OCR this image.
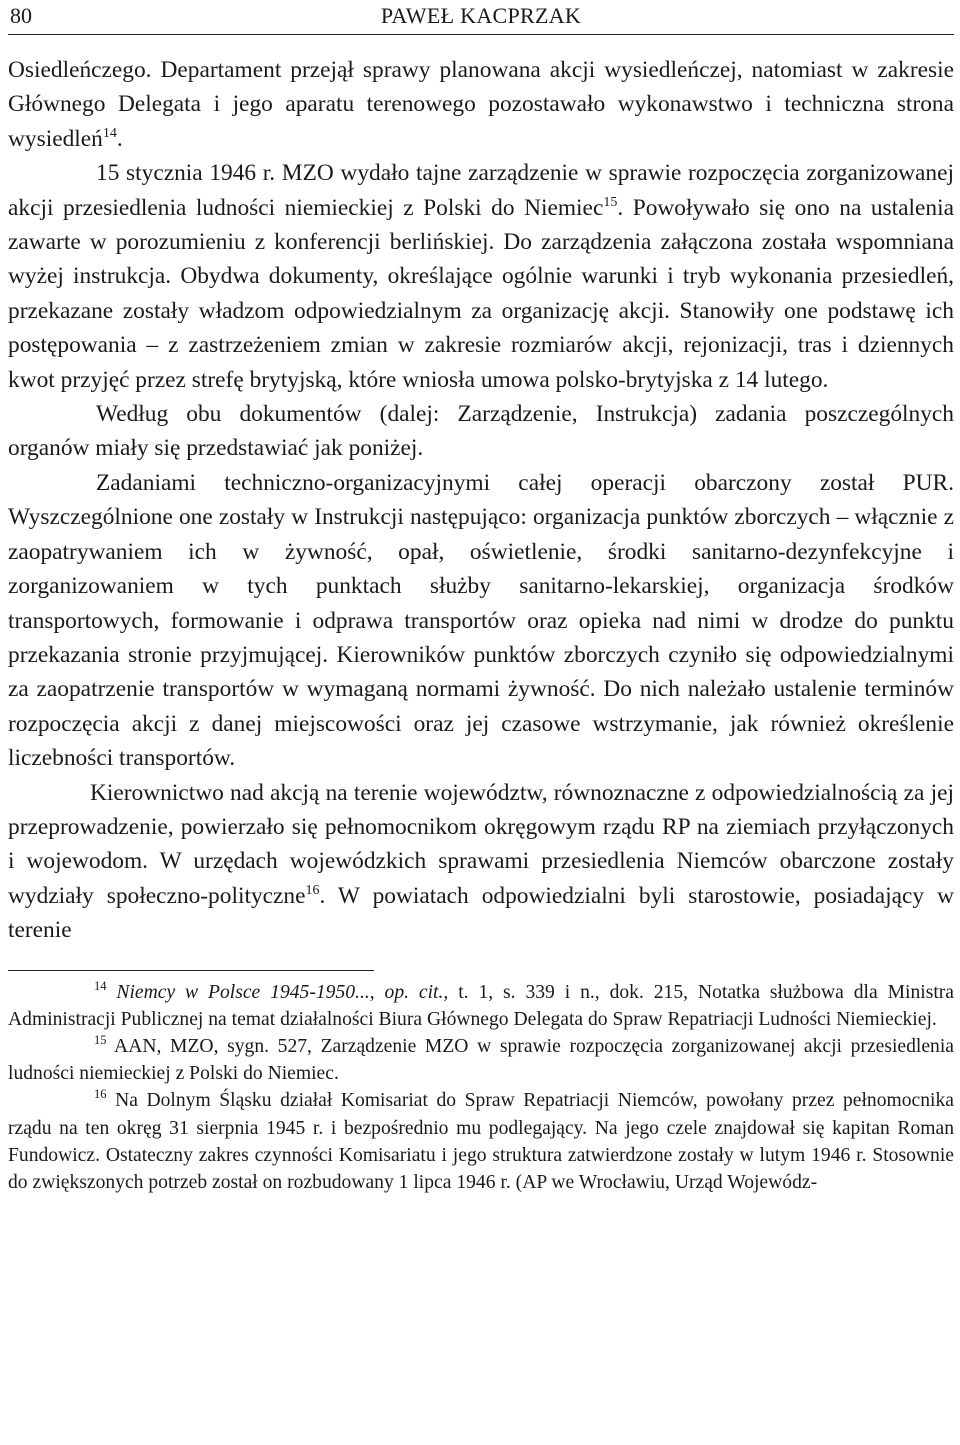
80	PAWEŁ KACPRZAK

Osiedleńczego. Departament przejął sprawy planowana akcji wysiedleńczej, natomiast w zakresie Głównego Delegata i jego aparatu terenowego pozostawało wykonawstwo i techniczna strona wysiedleń$^{14}$.

15 stycznia 1946 r. MZO wydało tajne zarządzenie w sprawie rozpoczęcia zorganizowanej akcji przesiedlenia ludności niemieckiej z Polski do Niemiec$^{15}$. Powoływało się ono na ustalenia zawarte w porozumieniu z konferencji berlińskiej. Do zarządzenia załączona została wspomniana wyżej instrukcja. Obydwa dokumenty, określające ogólnie warunki i tryb wykonania przesiedleń, przekazane zostały władzom odpowiedzialnym za organizację akcji. Stanowiły one podstawę ich postępowania – z zastrzeżeniem zmian w zakresie rozmiarów akcji, rejonizacji, tras i dziennych kwot przyjęć przez strefę brytyjską, które wniosła umowa polsko-brytyjska z 14 lutego.

Według obu dokumentów (dalej: Zarządzenie, Instrukcja) zadania poszczególnych organów miały się przedstawiać jak poniżej.

Zadaniami techniczno-organizacyjnymi całej operacji obarczony został PUR. Wyszczególnione one zostały w Instrukcji następująco: organizacja punktów zborczych – włącznie z zaopatrywaniem ich w żywność, opał, oświetlenie, środki sanitarno-dezynfekcyjne i zorganizowaniem w tych punktach służby sanitarno-lekarskiej, organizacja środków transportowych, formowanie i odprawa transportów oraz opieka nad nimi w drodze do punktu przekazania stronie przyjmującej. Kierowników punktów zborczych czyniło się odpowiedzialnymi za zaopatrzenie transportów w wymaganą normami żywność. Do nich należało ustalenie terminów rozpoczęcia akcji z danej miejscowości oraz jej czasowe wstrzymanie, jak również określenie liczebności transportów.

Kierownictwo nad akcją na terenie województw, równoznaczne z odpowiedzialnością za jej przeprowadzenie, powierzało się pełnomocnikom okręgowym rządu RP na ziemiach przyłączonych i wojewodom. W urzędach wojewódzkich sprawami przesiedlenia Niemców obarczone zostały wydziały społeczno-polityczne$^{16}$. W powiatach odpowiedzialni byli starostowie, posiadający w terenie

$^{14}$ Niemcy w Polsce 1945-1950..., op. cit., t. 1, s. 339 i n., dok. 215, Notatka służbowa dla Ministra Administracji Publicznej na temat działalności Biura Głównego Delegata do Spraw Repatriacji Ludności Niemieckiej.

$^{15}$ AAN, MZO, sygn. 527, Zarządzenie MZO w sprawie rozpoczęcia zorganizowanej akcji przesiedlenia ludności niemieckiej z Polski do Niemiec.

$^{16}$ Na Dolnym Śląsku działał Komisariat do Spraw Repatriacji Niemców, powołany przez pełnomocnika rządu na ten okręg 31 sierpnia 1945 r. i bezpośrednio mu podlegający. Na jego czele znajdował się kapitan Roman Fundowicz. Ostateczny zakres czynności Komisariatu i jego struktura zatwierdzone zostały w lutym 1946 r. Stosownie do zwiększonych potrzeb został on rozbudowany 1 lipca 1946 r. (AP we Wrocławiu, Urząd Wojewódz-
